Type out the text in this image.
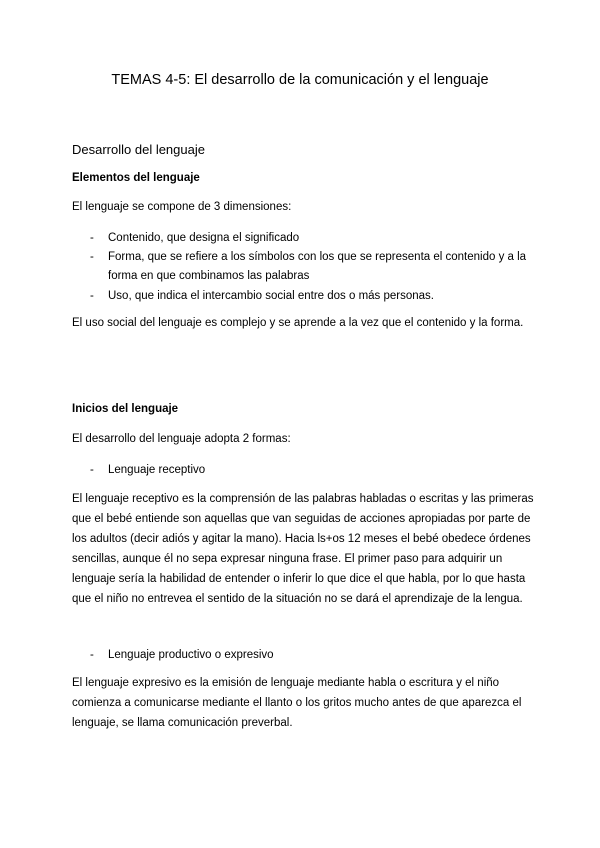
TEMAS 4-5: El desarrollo de la comunicación y el lenguaje

Desarrollo del lenguaje

Elementos del lenguaje

El lenguaje se compone de 3 dimensiones:

- Contenido, que designa el significado
- Forma, que se refiere a los símbolos con los que se representa el contenido y a la
forma en que combinamos las palabras
- Uso, que indica el intercambio social entre dos o más personas.

El uso social del lenguaje es complejo y se aprende a la vez que el contenido y la forma.

Inicios del lenguaje

El desarrollo del lenguaje adopta 2 formas:

- Lenguaje receptivo
El lenguaje receptivo es la comprensión de las palabras habladas o escritas y las primeras
que el bebé entiende son aquellas que van seguidas de acciones apropiadas por parte de
los adultos (decir adiós y agitar la mano). Hacia ls+os 12 meses el bebé obedece órdenes
sencillas, aunque él no sepa expresar ninguna frase. El primer paso para adquirir un
lenguaje sería la habilidad de entender o inferir lo que dice el que habla, por lo que hasta
que el niño no entrevea el sentido de la situación no se dará el aprendizaje de la lengua.
- Lenguaje productivo o expresivo
El lenguaje expresivo es la emisión de lenguaje mediante habla o escritura y el niño
comienza a comunicarse mediante el llanto o los gritos mucho antes de que aparezca el
lenguaje, se llama comunicación preverbal.
